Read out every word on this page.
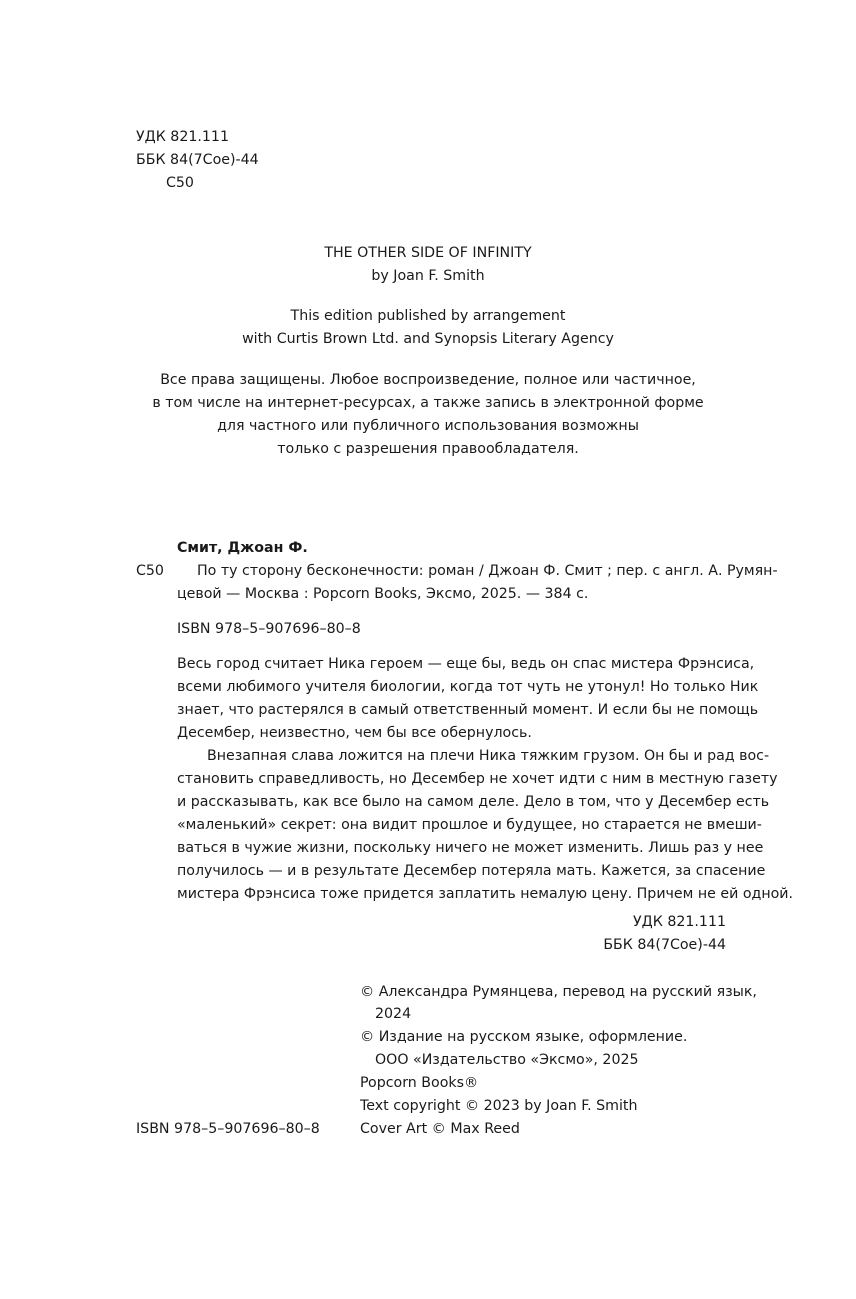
УДК 821.111
ББК 84(7Сое)-44
С50
THE OTHER SIDE OF INFINITY
by Joan F. Smith
This edition published by arrangement
with Curtis Brown Ltd. and Synopsis Literary Agency
Все права защищены. Любое воспроизведение, полное или частичное,
в том числе на интернет-ресурсах, а также запись в электронной форме
для частного или публичного использования возможны
только с разрешения правообладателя.
Смит, Джоан Ф.
С50 По ту сторону бесконечности: роман / Джоан Ф. Смит ; пер. с англ. А. Румян-
цевой — Москва : Popcorn Books, Эксмо, 2025. — 384 с.
ISBN 978–5–907696–80–8
Весь город считает Ника героем — еще бы, ведь он спас мистера Фрэнсиса,
всеми любимого учителя биологии, когда тот чуть не утонул! Но только Ник
знает, что растерялся в самый ответственный момент. И если бы не помощь
Десембер, неизвестно, чем бы все обернулось.
Внезапная слава ложится на плечи Ника тяжким грузом. Он бы и рад вос-
становить справедливость, но Десембер не хочет идти с ним в местную газету
и рассказывать, как все было на самом деле. Дело в том, что у Десембер есть
«маленький» секрет: она видит прошлое и будущее, но старается не вмеши-
ваться в чужие жизни, поскольку ничего не может изменить. Лишь раз у нее
получилось — и в результате Десембер потеряла мать. Кажется, за спасение
мистера Фрэнсиса тоже придется заплатить немалую цену. Причем не ей одной.
УДК 821.111
ББК 84(7Сое)-44
© Александра Румянцева, перевод на русский язык,
2024
© Издание на русском языке, оформление.
ООО «Издательство «Эксмо», 2025
Popcorn Books®
Text copyright © 2023 by Joan F. Smith
Cover Art © Max Reed
ISBN 978–5–907696–80–8
